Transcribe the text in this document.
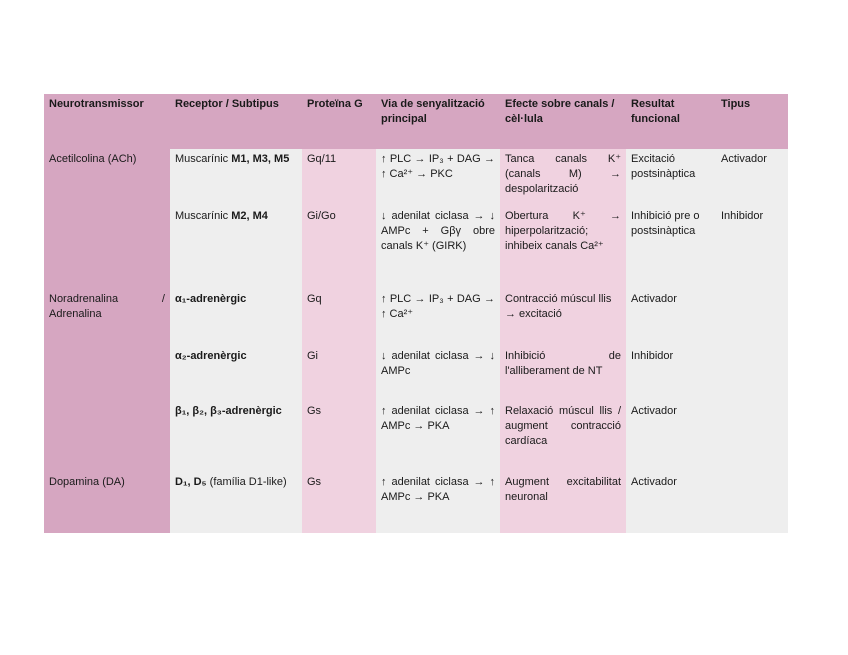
Neurotransmissor	Receptor / Subtipus	Proteïna G	Via de senyalització principal	Efecte sobre canals / cèl·lula	Resultat funcional	Tipus
Acetilcolina (ACh)	Muscarínic M1, M3, M5	Gq/11	↑ PLC → IP₃ + DAG → ↑ Ca²⁺ → PKC	Tanca canals K⁺ (canals M) → despolarització	Excitació postsinàptica	Activador
	Muscarínic M2, M4	Gi/Go	↓ adenilat ciclasa → ↓ AMPc + Gβγ obre canals K⁺ (GIRK)	Obertura K⁺ → hiperpolarització; inhibeix canals Ca²⁺	Inhibició pre o postsinàptica	Inhibidor
Noradrenalina / Adrenalina	α₁-adrenèrgic	Gq	↑ PLC → IP₃ + DAG → ↑ Ca²⁺	Contracció múscul llis → excitació	Activador	
	α₂-adrenèrgic	Gi	↓ adenilat ciclasa → ↓ AMPc	Inhibició de l'alliberament de NT	Inhibidor	
	β₁, β₂, β₃-adrenèrgic	Gs	↑ adenilat ciclasa → ↑ AMPc → PKA	Relaxació múscul llis / augment contracció cardíaca	Activador	
Dopamina (DA)	D₁, D₅ (família D1-like)	Gs	↑ adenilat ciclasa → ↑ AMPc → PKA	Augment excitabilitat neuronal	Activador	
